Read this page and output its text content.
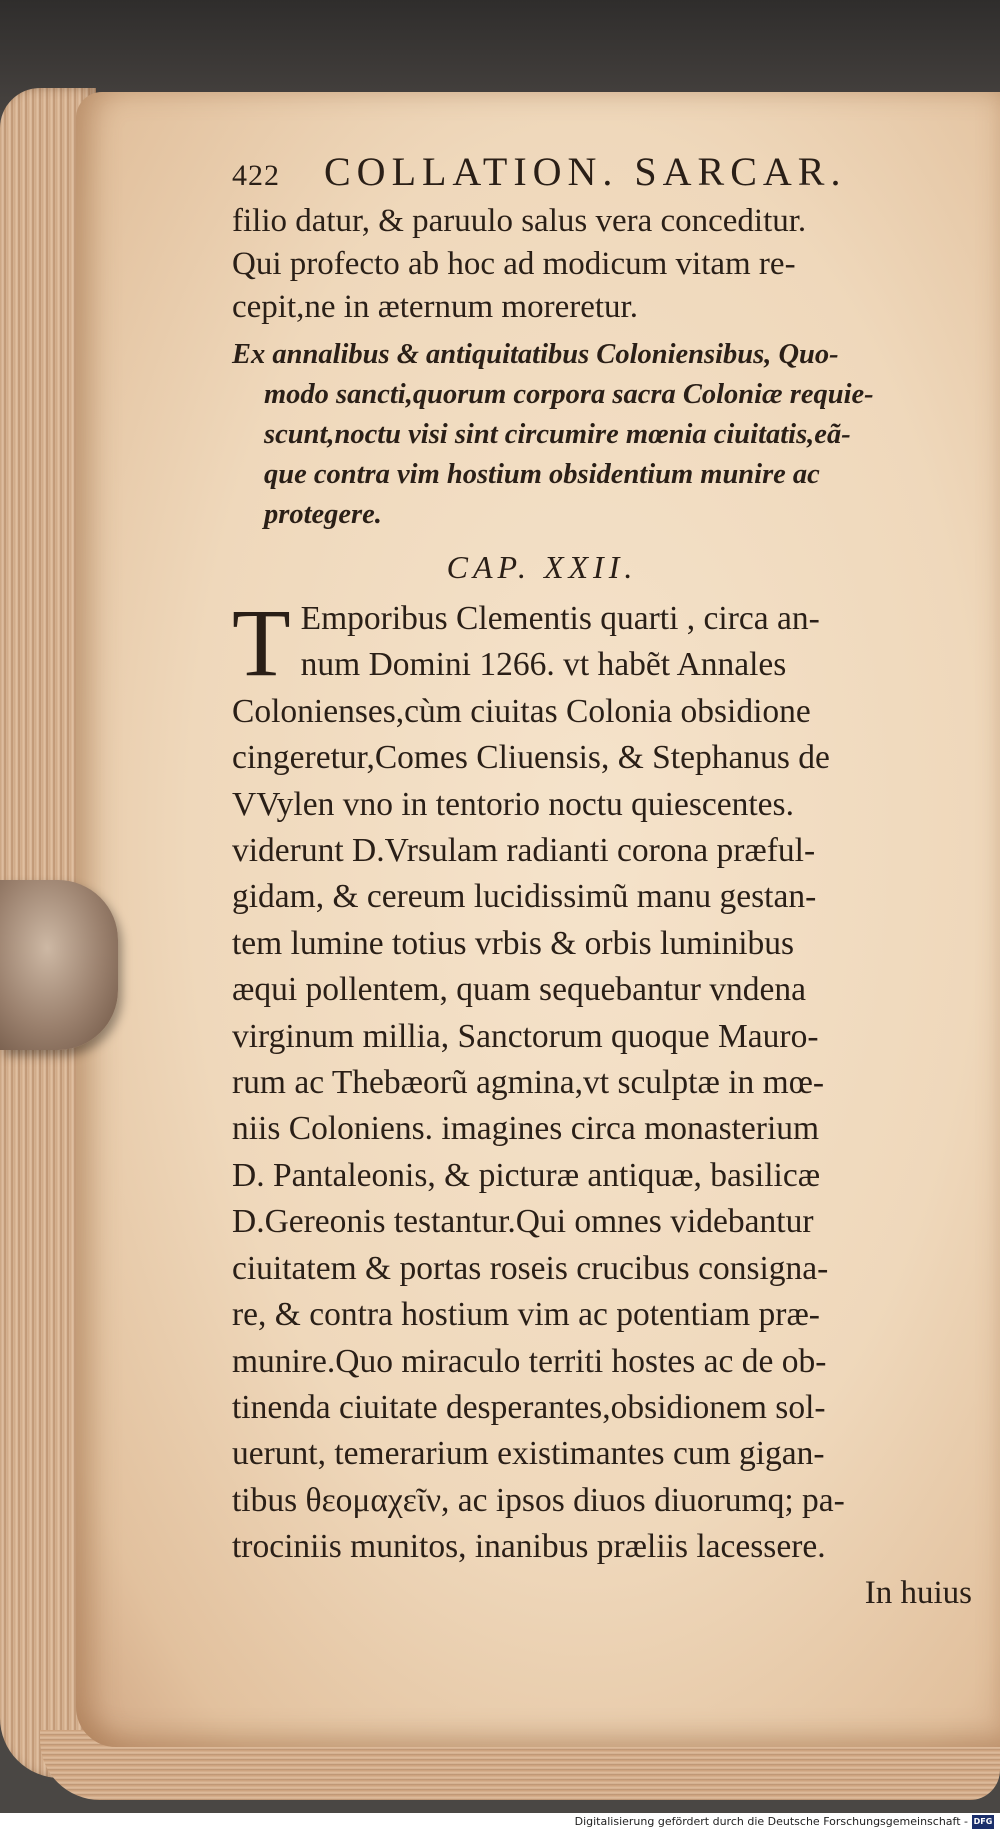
422	COLLATION. SARCAR.
filio datur, & paruulo salus vera conceditur.
Qui profecto ab hoc ad modicum vitam re-
cepit,ne in æternum moreretur.
Ex annalibus & antiquitatibus Coloniensibus, Quo-
modo sancti,quorum corpora sacra Coloniæ requie-
scunt,noctu visi sint circumire mœnia ciuitatis,eã-
que contra vim hostium obsidentium munire ac
protegere.
CAP. XXII.
T Emporibus Clementis quarti , circa an-
num Domini 1266. vt habẽt Annales
Colonienses,cùm ciuitas Colonia obsidione
cingeretur,Comes Cliuensis, & Stephanus de
VVylen vno in tentorio noctu quiescentes.
viderunt D.Vrsulam radianti corona præful-
gidam, & cereum lucidissimũ manu gestan-
tem lumine totius vrbis & orbis luminibus
æqui pollentem, quam sequebantur vndena
virginum millia, Sanctorum quoque Mauro-
rum ac Thebæorũ agmina,vt sculptæ in mœ-
niis Coloniens. imagines circa monasterium
D. Pantaleonis, & picturæ antiquæ, basilicæ
D.Gereonis testantur.Qui omnes videbantur
ciuitatem & portas roseis crucibus consigna-
re, & contra hostium vim ac potentiam præ-
munire.Quo miraculo territi hostes ac de ob-
tinenda ciuitate desperantes,obsidionem sol-
uerunt, temerarium existimantes cum gigan-
tibus θεομαχεῖν, ac ipsos diuos diuorumq; pa-
trociniis munitos, inanibus præliis lacessere.
In huius
Digitalisierung gefördert durch die Deutsche Forschungsgemeinschaft - DFG
